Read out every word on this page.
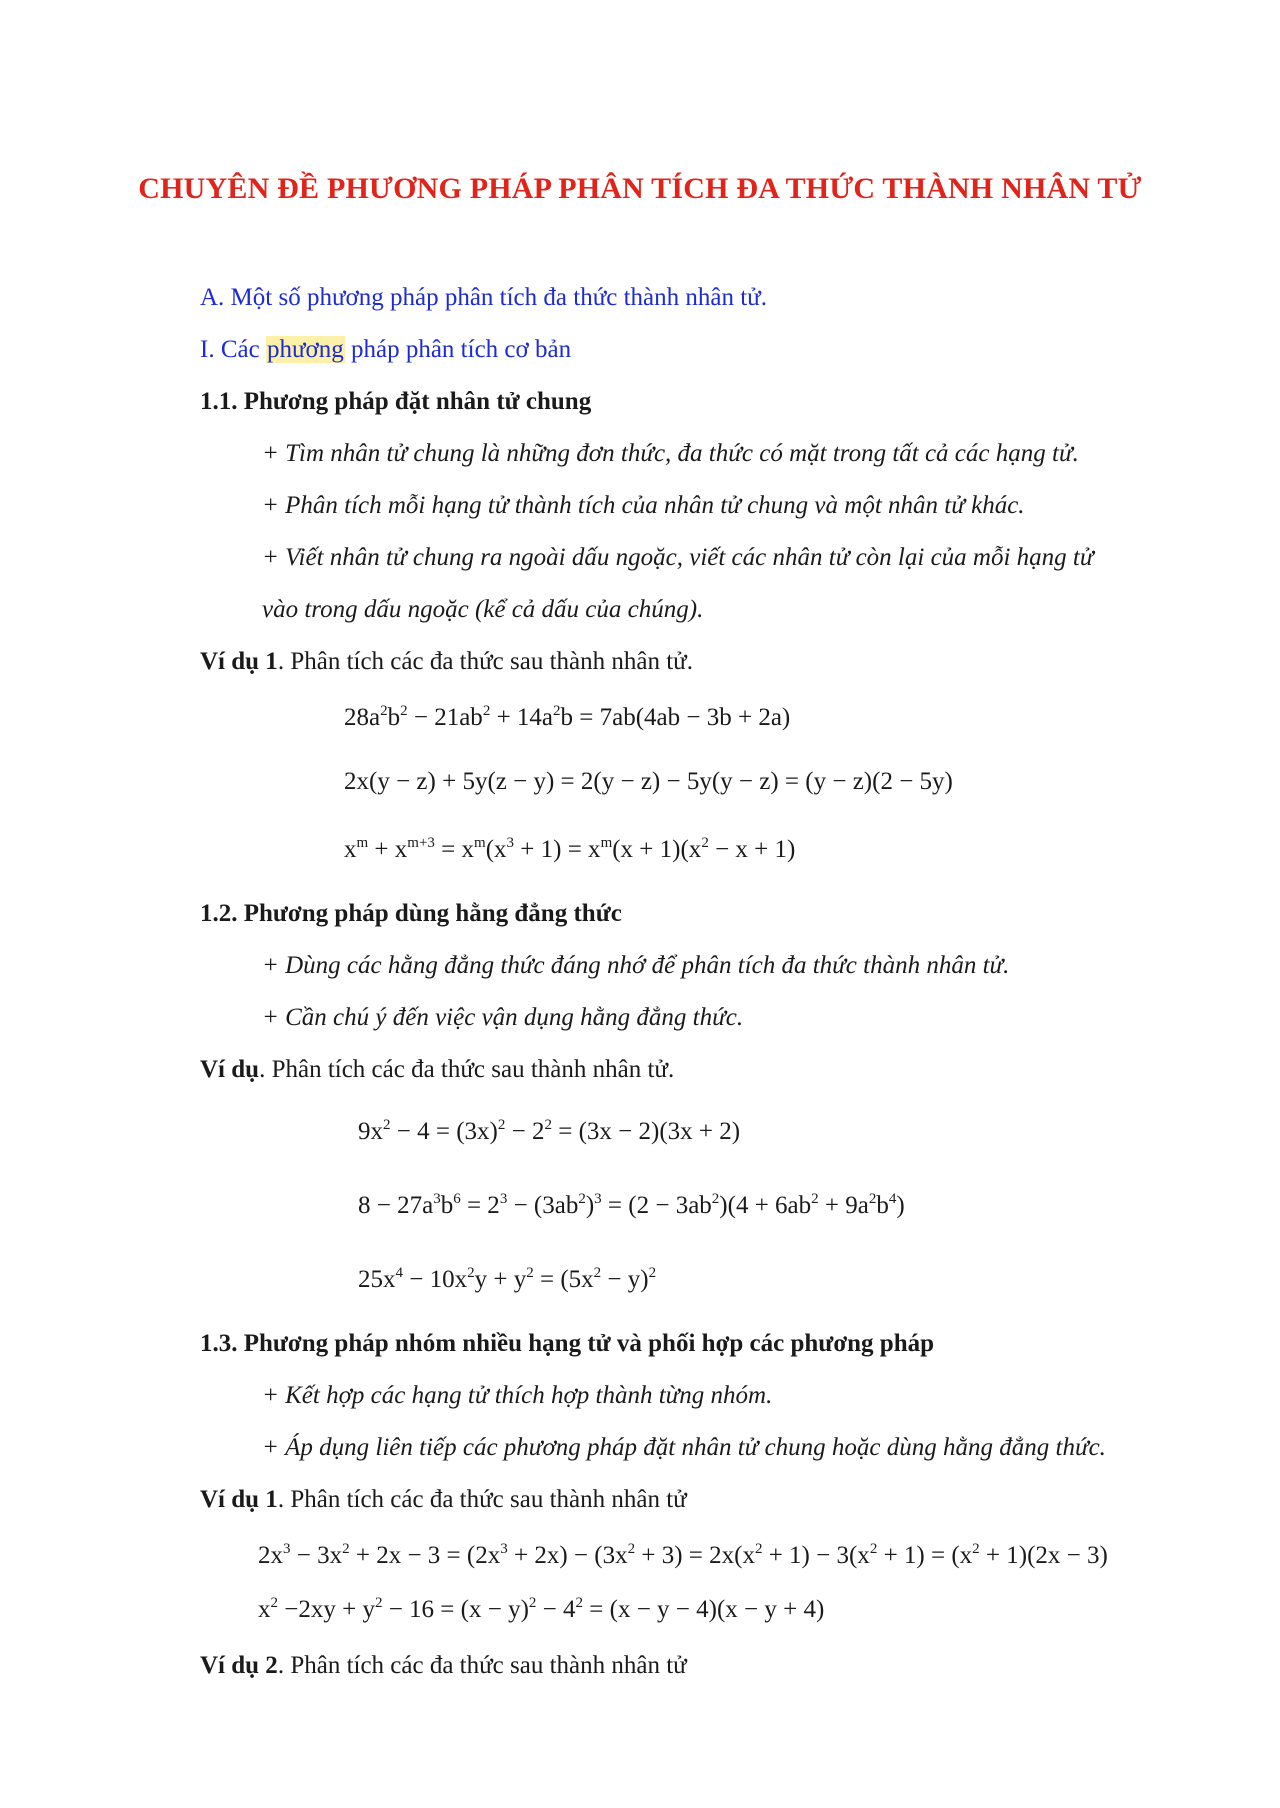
CHUYÊN ĐỀ PHƯƠNG PHÁP PHÂN TÍCH ĐA THỨC THÀNH NHÂN TỬ
A. Một số phương pháp phân tích đa thức thành nhân tử.
I. Các phương pháp phân tích cơ bản
1.1. Phương pháp đặt nhân tử chung
+ Tìm nhân tử chung là những đơn thức, đa thức có mặt trong tất cả các hạng tử.
+ Phân tích mỗi hạng tử thành tích của nhân tử chung và một nhân tử khác.
+ Viết nhân tử chung ra ngoài dấu ngoặc, viết các nhân tử còn lại của mỗi hạng tử
vào trong dấu ngoặc (kể cả dấu của chúng).
Ví dụ 1. Phân tích các đa thức sau thành nhân tử.
$28a^2b^2 - 21ab^2 + 14a^2b = 7ab(4ab - 3b + 2a)$
2x(y − z) + 5y(z − y) = 2(y − z) − 5y(y − z) = (y − z)(2 − 5y)
$x^m + x^{m+3} = x^m(x^3 + 1) = x^m(x + 1)(x^2 - x + 1)$
1.2. Phương pháp dùng hằng đẳng thức
+ Dùng các hằng đẳng thức đáng nhớ để phân tích đa thức thành nhân tử.
+ Cần chú ý đến việc vận dụng hằng đẳng thức.
Ví dụ. Phân tích các đa thức sau thành nhân tử.
$9x^2 - 4 = (3x)^2 - 2^2 = (3x - 2)(3x + 2)$
$8 - 27a^3b^6 = 2^3 - (3ab^2)^3 = (2 - 3ab^2)(4 + 6ab^2 + 9a^2b^4)$
$25x^4 - 10x^2y + y^2 = (5x^2 - y)^2$
1.3. Phương pháp nhóm nhiều hạng tử và phối hợp các phương pháp
+ Kết hợp các hạng tử thích hợp thành từng nhóm.
+ Áp dụng liên tiếp các phương pháp đặt nhân tử chung hoặc dùng hằng đẳng thức.
Ví dụ 1. Phân tích các đa thức sau thành nhân tử
$2x^3 - 3x^2 + 2x - 3 = (2x^3 + 2x) - (3x^2 + 3) = 2x(x^2 + 1) - 3(x^2 + 1) = (x^2 + 1)(2x - 3)$
$x^2 -2xy + y^2 - 16 = (x - y)^2 - 4^2 = (x - y - 4)(x - y + 4)$
Ví dụ 2. Phân tích các đa thức sau thành nhân tử
